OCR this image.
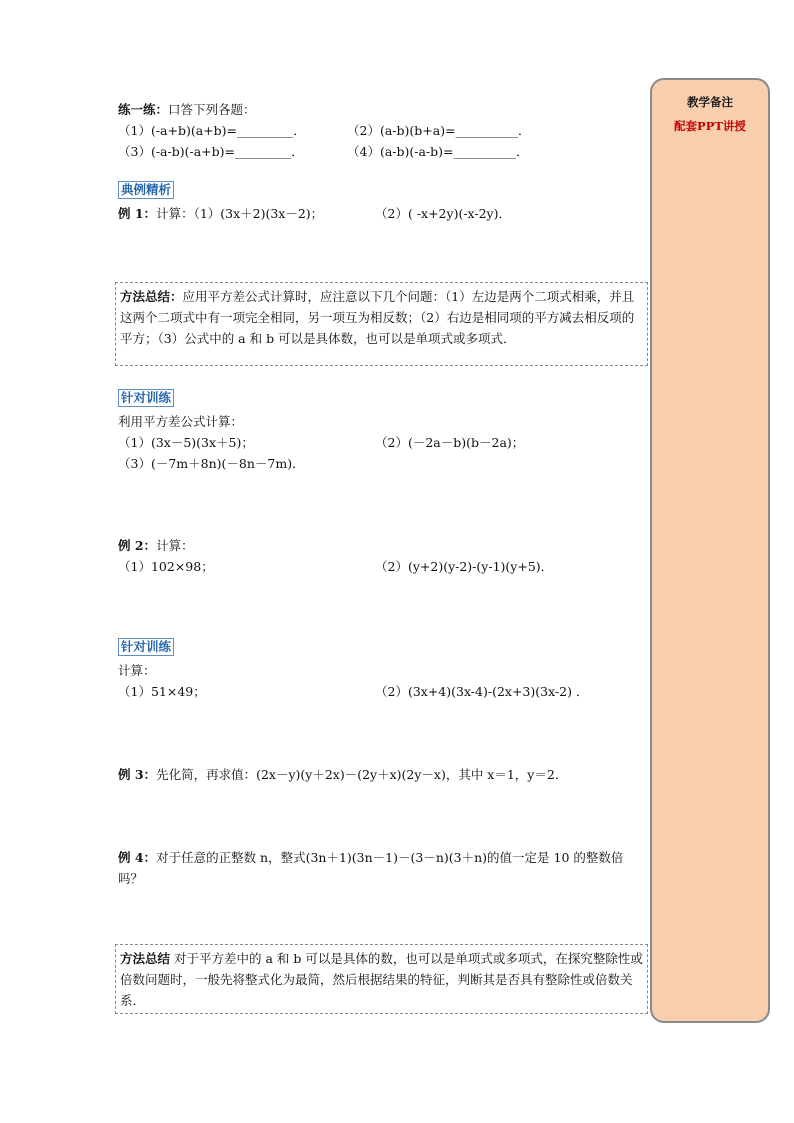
教学备注
配套PPT讲授
练一练：口答下列各题：
（1）(-a+b)(a+b)=_________．	（2）(a-b)(b+a)=__________．
（3）(-a-b)(-a+b)=_________．	（4）(a-b)(-a-b)=__________．
典例精析
例 1：计算：（1）(3x＋2)(3x－2)；	（2）( -x+2y)(-x-2y)．
方法总结：应用平方差公式计算时，应注意以下几个问题：（1）左边是两个二项式相乘，并且这两个二项式中有一项完全相同，另一项互为相反数；（2）右边是相同项的平方减去相反项的平方；（3）公式中的 a 和 b 可以是具体数，也可以是单项式或多项式．
针对训练
利用平方差公式计算：
（1）(3x－5)(3x＋5)；	（2）(－2a－b)(b－2a)；
（3）(－7m＋8n)(－8n－7m)．
例 2：计算：
（1）102×98；	（2）(y+2)(y-2)-(y-1)(y+5)．
针对训练
计算：
（1）51×49；	（2）(3x+4)(3x-4)-(2x+3)(3x-2) ．
例 3：先化简，再求值：(2x－y)(y＋2x)－(2y＋x)(2y－x)，其中 x＝1，y＝2．
例 4：对于任意的正整数 n，整式(3n＋1)(3n－1)－(3－n)(3＋n)的值一定是 10 的整数倍吗？
方法总结 对于平方差中的 a 和 b 可以是具体的数，也可以是单项式或多项式，在探究整除性或倍数问题时，一般先将整式化为最简，然后根据结果的特征，判断其是否具有整除性或倍数关系．
